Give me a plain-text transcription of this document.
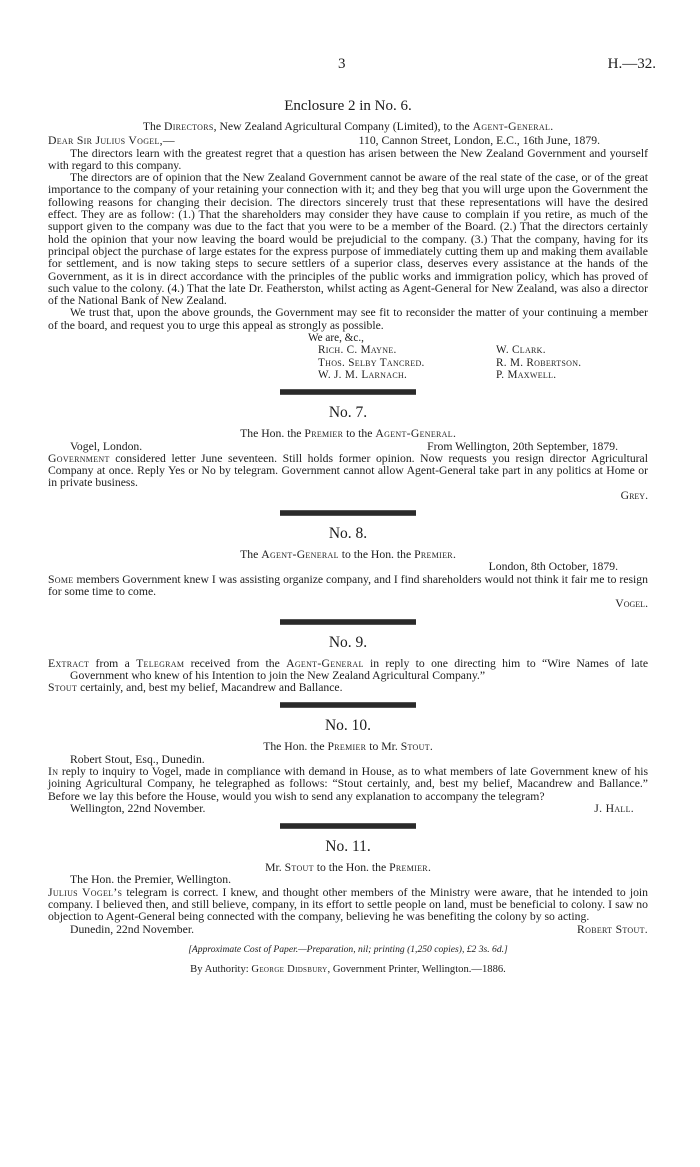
3	H.—32.
Enclosure 2 in No. 6.

The Directors, New Zealand Agricultural Company (Limited), to the Agent-General.

Dear Sir Julius Vogel,—	110, Cannon Street, London, E.C., 16th June, 1879.

The directors learn with the greatest regret that a question has arisen between the New Zealand Government and yourself with regard to this company.

The directors are of opinion that the New Zealand Government cannot be aware of the real state of the case, or of the great importance to the company of your retaining your connection with it; and they beg that you will urge upon the Government the following reasons for changing their decision. The directors sincerely trust that these representations will have the desired effect. They are as follow: (1.) That the shareholders may consider they have cause to complain if you retire, as much of the support given to the company was due to the fact that you were to be a member of the Board. (2.) That the directors certainly hold the opinion that your now leaving the board would be prejudicial to the company. (3.) That the company, having for its principal object the purchase of large estates for the express purpose of immediately cutting them up and making them available for settlement, and is now taking steps to secure settlers of a superior class, deserves every assistance at the hands of the Government, as it is in direct accordance with the principles of the public works and immigration policy, which has proved of such value to the colony. (4.) That the late Dr. Featherston, whilst acting as Agent-General for New Zealand, was also a director of the National Bank of New Zealand.

We trust that, upon the above grounds, the Government may see fit to reconsider the matter of your continuing a member of the board, and request you to urge this appeal as strongly as possible.

We are, &c.,
Rich. C. Mayne.	W. Clark.
Thos. Selby Tancred.	R. M. Robertson.
W. J. M. Larnach.	P. Maxwell.
No. 7.

The Hon. the Premier to the Agent-General.

Vogel, London.	From Wellington, 20th September, 1879.

Government considered letter June seventeen. Still holds former opinion. Now requests you resign director Agricultural Company at once. Reply Yes or No by telegram. Government cannot allow Agent-General take part in any politics at Home or in private business.

Grey.

No. 8.

The Agent-General to the Hon. the Premier.

London, 8th October, 1879.

Some members Government knew I was assisting organize company, and I find shareholders would not think it fair me to resign for some time to come.

Vogel.

No. 9.

Extract from a Telegram received from the Agent-General in reply to one directing him to “Wire Names of late Government who knew of his Intention to join the New Zealand Agricultural Company.”

Stout certainly, and, best my belief, Macandrew and Ballance.

No. 10.

The Hon. the Premier to Mr. Stout.

Robert Stout, Esq., Dunedin.

In reply to inquiry to Vogel, made in compliance with demand in House, as to what members of late Government knew of his joining Agricultural Company, he telegraphed as follows: “Stout certainly, and, best my belief, Macandrew and Ballance.” Before we lay this before the House, would you wish to send any explanation to accompany the telegram?

Wellington, 22nd November.	J. Hall.
No. 11.

Mr. Stout to the Hon. the Premier.

The Hon. the Premier, Wellington.

Julius Vogel’s telegram is correct. I knew, and thought other members of the Ministry were aware, that he intended to join company. I believed then, and still believe, company, in its effort to settle people on land, must be beneficial to colony. I saw no objection to Agent-General being connected with the company, believing he was benefiting the colony by so acting.

Dunedin, 22nd November.	Robert Stout.
[Approximate Cost of Paper.—Preparation, nil; printing (1,250 copies), £2 3s. 6d.]
By Authority: George Didsbury, Government Printer, Wellington.—1886.
